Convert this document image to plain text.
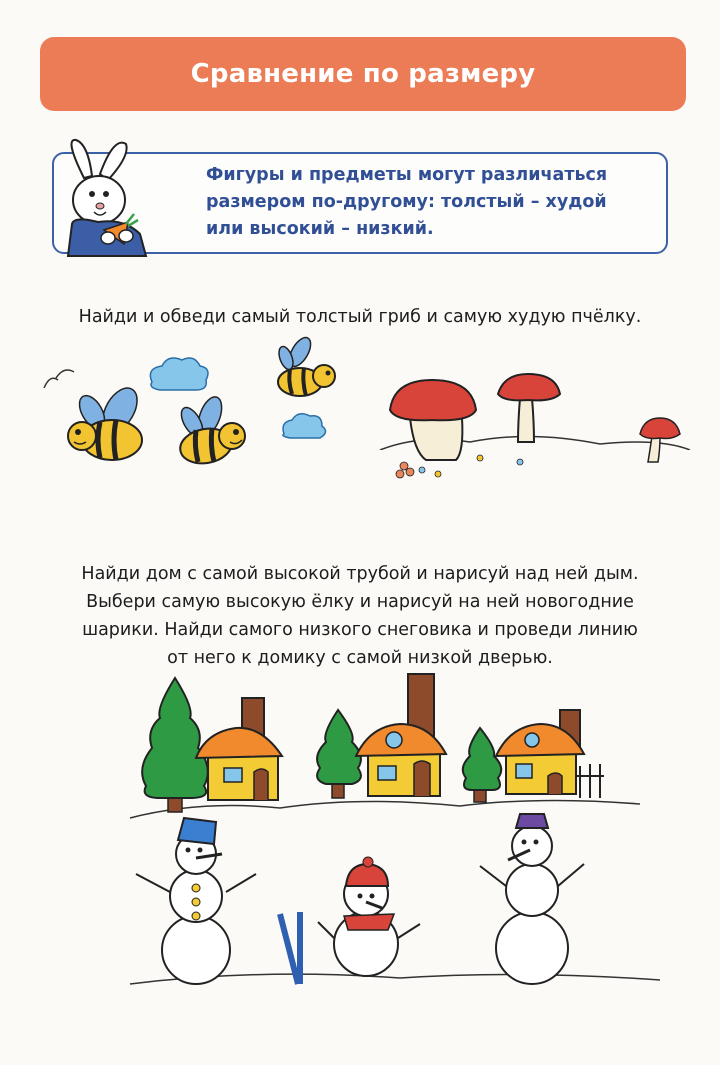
Сравнение по размеру
Фигуры и предметы могут различаться
размером по-другому: толстый – худой
или высокий – низкий.
Найди и обведи самый толстый гриб и самую худую пчёлку.
Найди дом с самой высокой трубой и нарисуй над ней дым.
Выбери самую высокую ёлку и нарисуй на ней новогодние
шарики. Найди самого низкого снеговика и проведи линию
от него к домику с самой низкой дверью.
